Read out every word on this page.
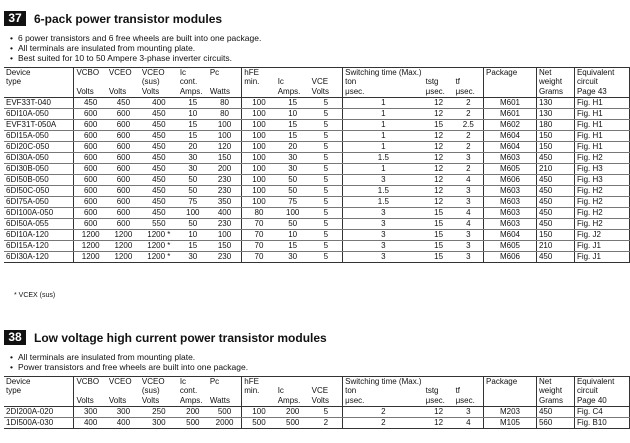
37	6-pack power transistor modules
• 6 power transistors and 6 free wheels are built into one package.
• All terminals are insulated from mounting plate.
• Best suited for 10 to 50 Ampere 3-phase inverter circuits.
Device	VCBO	VCEO	VCEO	Ic	Pc	hFE			Switching time (Max.)			Package	Net	Equivalent
type			(sus)	cont.		min.	Ic	VCE	ton	tstg	tf		weight	circuit
	Volts	Volts	Volts	Amps.	Watts		Amps.	Volts	μsec.	μsec.	μsec.		Grams	Page 43
EVF33T-040	450	450	400	15	80	100	15	5	1	12	2	M601	130	Fig. H1
6DI10A-050	600	600	450	10	80	100	10	5	1	12	2	M601	130	Fig. H1
EVF31T-050A	600	600	450	15	100	100	15	5	1	15	2.5	M602	180	Fig. H1
6DI15A-050	600	600	450	15	100	100	15	5	1	12	2	M604	150	Fig. H1
6DI20C-050	600	600	450	20	120	100	20	5	1	12	2	M604	150	Fig. H1
6DI30A-050	600	600	450	30	150	100	30	5	1.5	12	3	M603	450	Fig. H2
6DI30B-050	600	600	450	30	200	100	30	5	1	12	2	M605	210	Fig. H3
6DI50B-050	600	600	450	50	230	100	50	5	3	12	4	M606	450	Fig. H3
6DI50C-050	600	600	450	50	230	100	50	5	1.5	12	3	M603	450	Fig. H2
6DI75A-050	600	600	450	75	350	100	75	5	1.5	12	3	M603	450	Fig. H2
6DI100A-050	600	600	450	100	400	80	100	5	3	15	4	M603	450	Fig. H2
6DI50A-055	600	600	550	50	230	70	50	5	3	15	4	M603	450	Fig. H2
6DI10A-120	1200	1200	1200 *	10	100	70	10	5	3	15	3	M604	150	Fig. J2
6DI15A-120	1200	1200	1200 *	15	150	70	15	5	3	15	3	M605	210	Fig. J1
6DI30A-120	1200	1200	1200 *	30	230	70	30	5	3	15	3	M606	450	Fig. J1
* VCEX (sus)
38	Low voltage high current power transistor modules
• All terminals are insulated from mounting plate.
• Power transistors and free wheels are built into one package.
Device	VCBO	VCEO	VCEO	Ic	Pc	hFE			Switching time (Max.)			Package	Net	Equivalent
type			(sus)	cont.		min.	Ic	VCE	ton	tstg	tf		weight	circuit
	Volts	Volts	Volts	Amps.	Watts		Amps.	Volts	μsec.	μsec.	μsec.		Grams	Page 40
2DI200A-020	300	300	250	200	500	100	200	5	2	12	3	M203	450	Fig. C4
1DI500A-030	400	400	300	500	2000	500	500	2	2	12	4	M105	560	Fig. B10
